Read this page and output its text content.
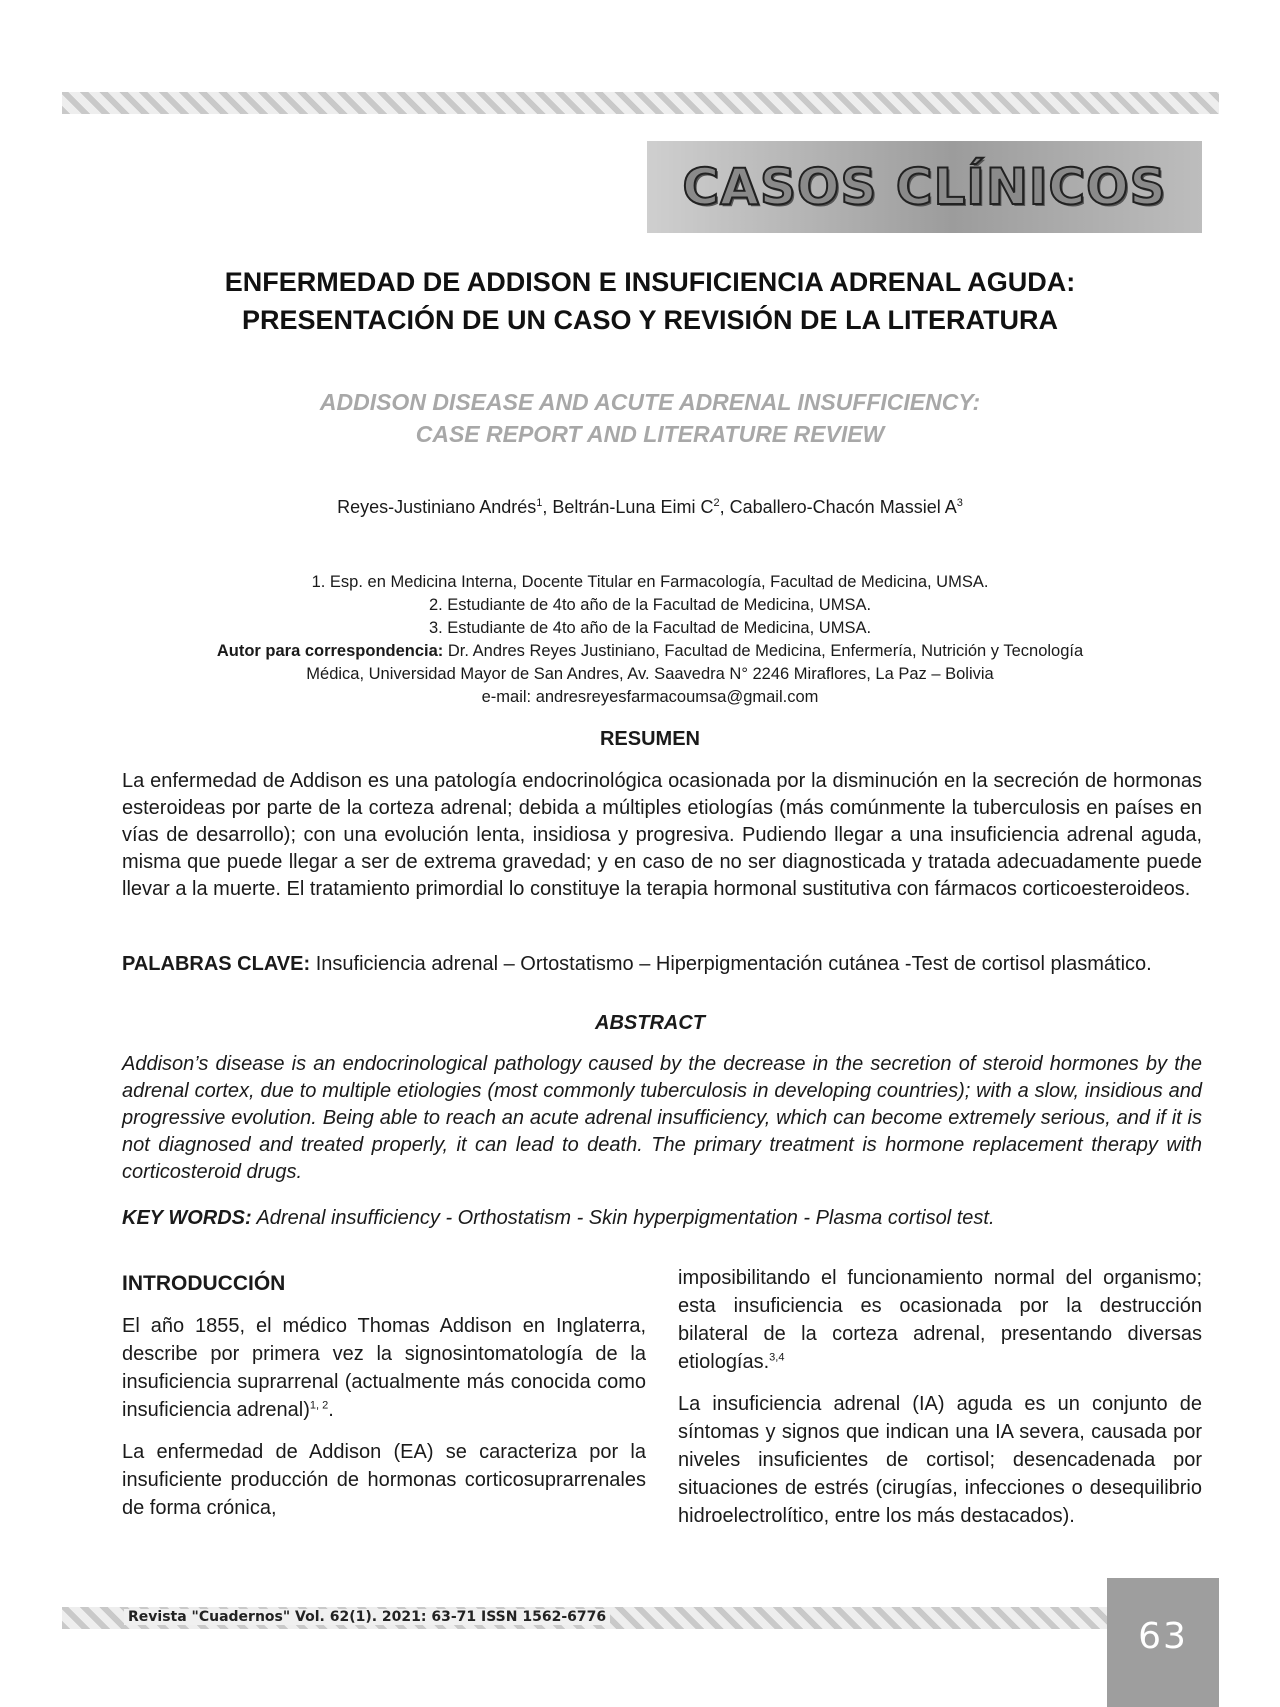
CASOS CLÍNICOS
ENFERMEDAD DE ADDISON E INSUFICIENCIA ADRENAL AGUDA:
PRESENTACIÓN DE UN CASO Y REVISIÓN DE LA LITERATURA
ADDISON DISEASE AND ACUTE ADRENAL INSUFFICIENCY:
CASE REPORT AND LITERATURE REVIEW
Reyes-Justiniano Andrés$^1$, Beltrán-Luna Eimi $C^2$, Caballero-Chacón Massiel $A^3$
1. Esp. en Medicina Interna, Docente Titular en Farmacología, Facultad de Medicina, UMSA.
2. Estudiante de 4to año de la Facultad de Medicina, UMSA.
3. Estudiante de 4to año de la Facultad de Medicina, UMSA.
Autor para correspondencia: Dr. Andres Reyes Justiniano, Facultad de Medicina, Enfermería, Nutrición y Tecnología
Médica, Universidad Mayor de San Andres, Av. Saavedra N° 2246 Miraflores, La Paz – Bolivia
e-mail: andresreyesfarmacoumsa@gmail.com
RESUMEN
La enfermedad de Addison es una patología endocrinológica ocasionada por la disminución en la secreción de hormonas esteroideas por parte de la corteza adrenal; debida a múltiples etiologías (más comúnmente la tuberculosis en países en vías de desarrollo); con una evolución lenta, insidiosa y progresiva. Pudiendo llegar a una insuficiencia adrenal aguda, misma que puede llegar a ser de extrema gravedad; y en caso de no ser diagnosticada y tratada adecuadamente puede llevar a la muerte. El tratamiento primordial lo constituye la terapia hormonal sustitutiva con fármacos corticoesteroideos.
PALABRAS CLAVE: Insuficiencia adrenal – Ortostatismo – Hiperpigmentación cutánea -Test de cortisol plasmático.
ABSTRACT
Addison’s disease is an endocrinological pathology caused by the decrease in the secretion of steroid hormones by the adrenal cortex, due to multiple etiologies (most commonly tuberculosis in developing countries); with a slow, insidious and progressive evolution. Being able to reach an acute adrenal insufficiency, which can become extremely serious, and if it is not diagnosed and treated properly, it can lead to death. The primary treatment is hormone replacement therapy with corticosteroid drugs.
KEY WORDS: Adrenal insufficiency - Orthostatism - Skin hyperpigmentation - Plasma cortisol test.
INTRODUCCIÓN

El año 1855, el médico Thomas Addison en Inglaterra, describe por primera vez la signosintomatología de la insuficiencia suprarrenal (actualmente más conocida como insuficiencia adrenal)$^{1, 2}$.

La enfermedad de Addison (EA) se caracteriza por la insuficiente producción de hormonas corticosuprarrenales de forma crónica,

imposibilitando el funcionamiento normal del organismo; esta insuficiencia es ocasionada por la destrucción bilateral de la corteza adrenal, presentando diversas etiologías.$^{3,4}$

La insuficiencia adrenal (IA) aguda es un conjunto de síntomas y signos que indican una IA severa, causada por niveles insuficientes de cortisol; desencadenada por situaciones de estrés (cirugías, infecciones o desequilibrio hidroelectrolítico, entre los más destacados).

Revista "Cuadernos" Vol. 62(1). 2021: 63-71 ISSN 1562-6776	63
